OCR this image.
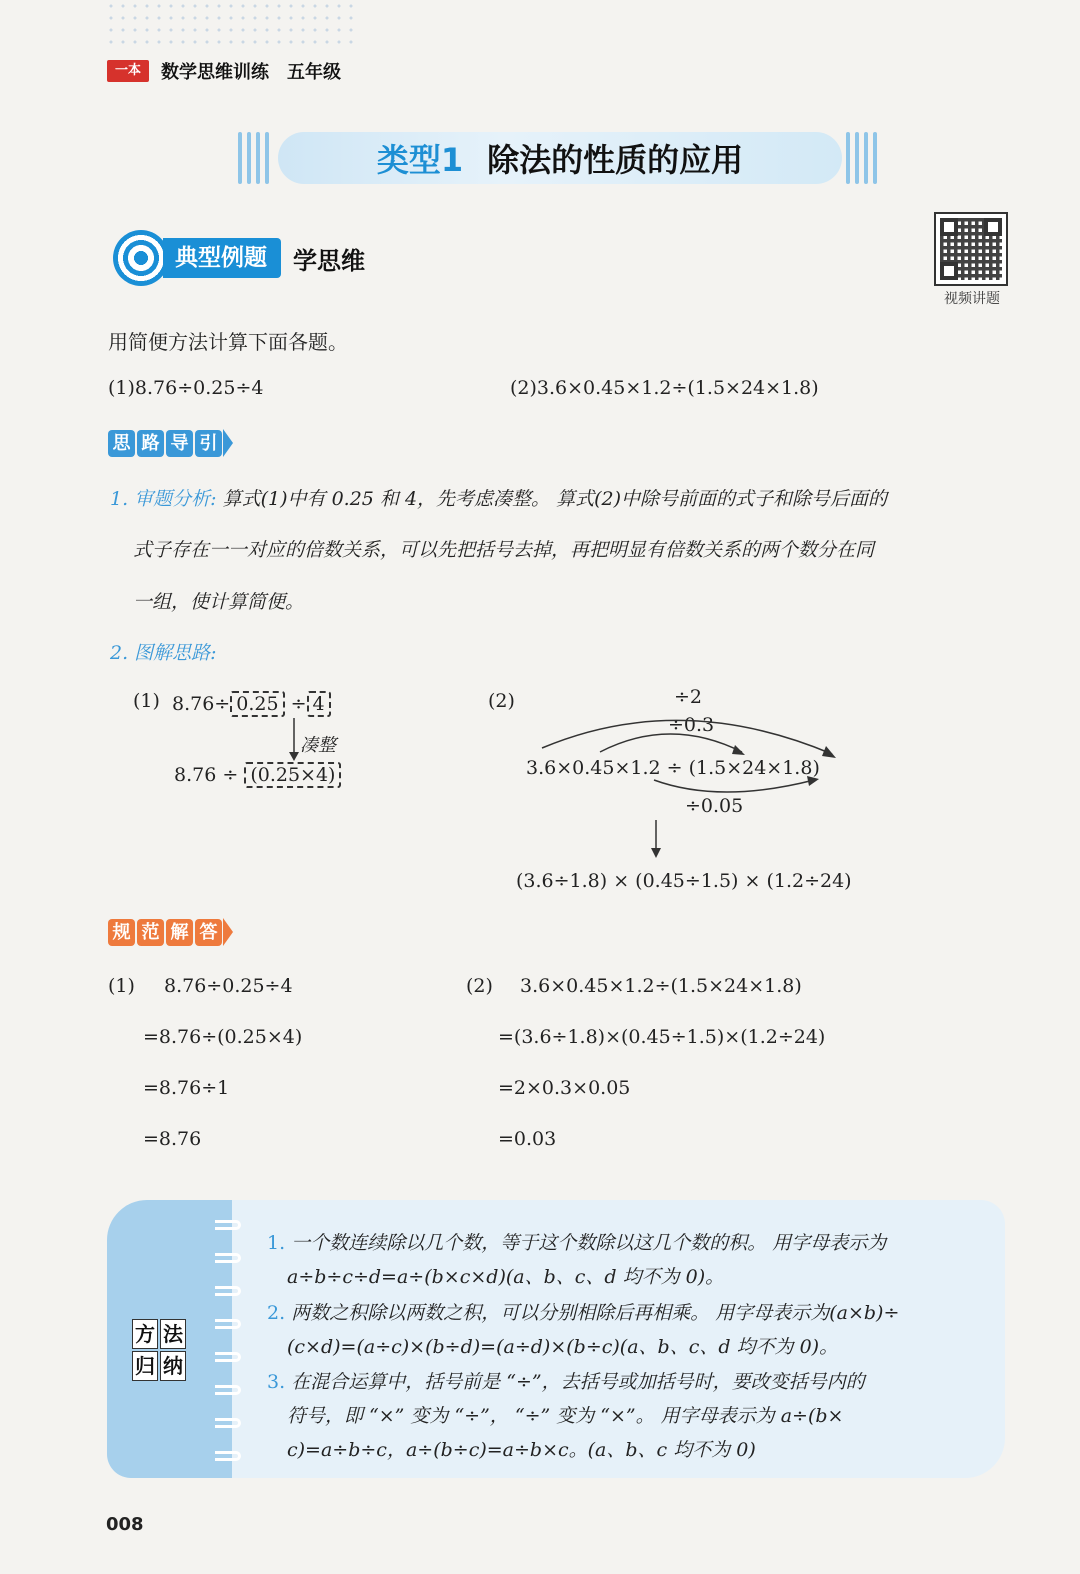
一本	数学思维训练 五年级
类型1 除法的性质的应用
典型例题	学思维
视频讲题
用简便方法计算下面各题。
(1)8.76÷0.25÷4	(2)3.6×0.45×1.2÷(1.5×24×1.8)
思 路 导 引
1. 审题分析: 算式(1)中有 0.25 和 4，先考虑凑整。 算式(2)中除号前面的式子和除号后面的
式子存在一一对应的倍数关系，可以先把括号去掉，再把明显有倍数关系的两个数分在同
一组，使计算简便。
2. 图解思路:
(1) 8.76÷ 0.25 ÷ 4
凑整
8.76 ÷ (0.25×4)
(2)	÷2
÷0.3
3.6×0.45×1.2 ÷ (1.5×24×1.8)
÷0.05
(3.6÷1.8) × (0.45÷1.5) × (1.2÷24)
规 范 解 答
(1) 8.76÷0.25÷4
=8.76÷(0.25×4)
=8.76÷1
=8.76
(2) 3.6×0.45×1.2÷(1.5×24×1.8)
=(3.6÷1.8)×(0.45÷1.5)×(1.2÷24)
=2×0.3×0.05
=0.03
方 法
归 纳
1. 一个数连续除以几个数，等于这个数除以这几个数的积。 用字母表示为
a÷b÷c÷d=a÷(b×c×d)(a、b、c、d 均不为 0)。
2. 两数之积除以两数之积，可以分别相除后再相乘。 用字母表示为(a×b)÷
(c×d)=(a÷c)×(b÷d)=(a÷d)×(b÷c)(a、b、c、d 均不为 0)。
3. 在混合运算中，括号前是 “÷”，去括号或加括号时，要改变括号内的
符号，即 “×” 变为 “÷”， “÷” 变为 “×”。 用字母表示为 a÷(b×
c)=a÷b÷c，a÷(b÷c)=a÷b×c。(a、b、c 均不为 0)
008
